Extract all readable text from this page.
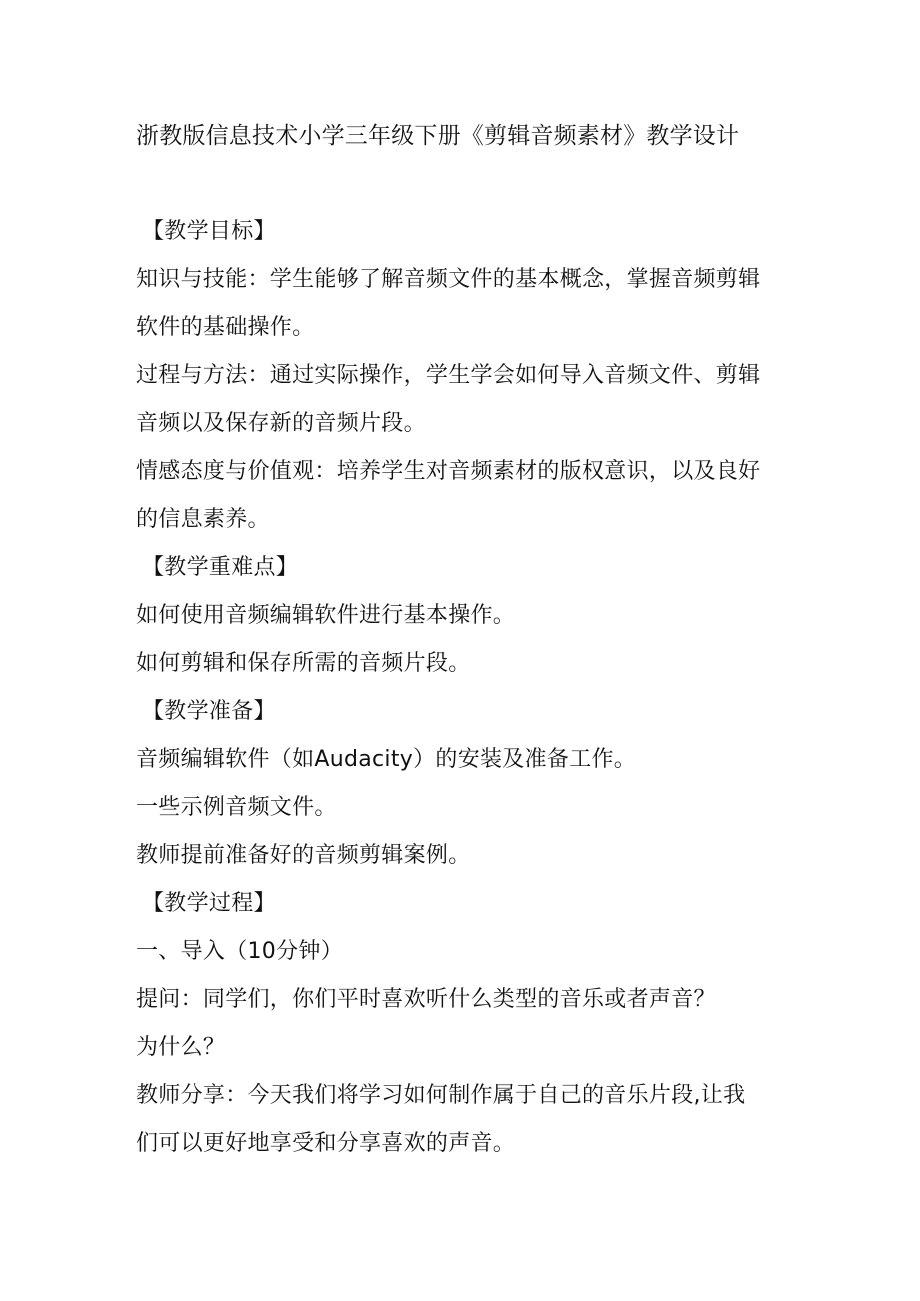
浙教版信息技术小学三年级下册《剪辑音频素材》教学设计
【教学目标】
知识与技能：学生能够了解音频文件的基本概念，掌握音频剪辑
软件的基础操作。
过程与方法：通过实际操作，学生学会如何导入音频文件、剪辑
音频以及保存新的音频片段。
情感态度与价值观：培养学生对音频素材的版权意识，以及良好
的信息素养。
【教学重难点】
如何使用音频编辑软件进行基本操作。
如何剪辑和保存所需的音频片段。
【教学准备】
音频编辑软件（如Audacity）的安装及准备工作。
一些示例音频文件。
教师提前准备好的音频剪辑案例。
【教学过程】
一、导入（10分钟）
提问：同学们，你们平时喜欢听什么类型的音乐或者声音？
为什么？
教师分享：今天我们将学习如何制作属于自己的音乐片段,让我
们可以更好地享受和分享喜欢的声音。
